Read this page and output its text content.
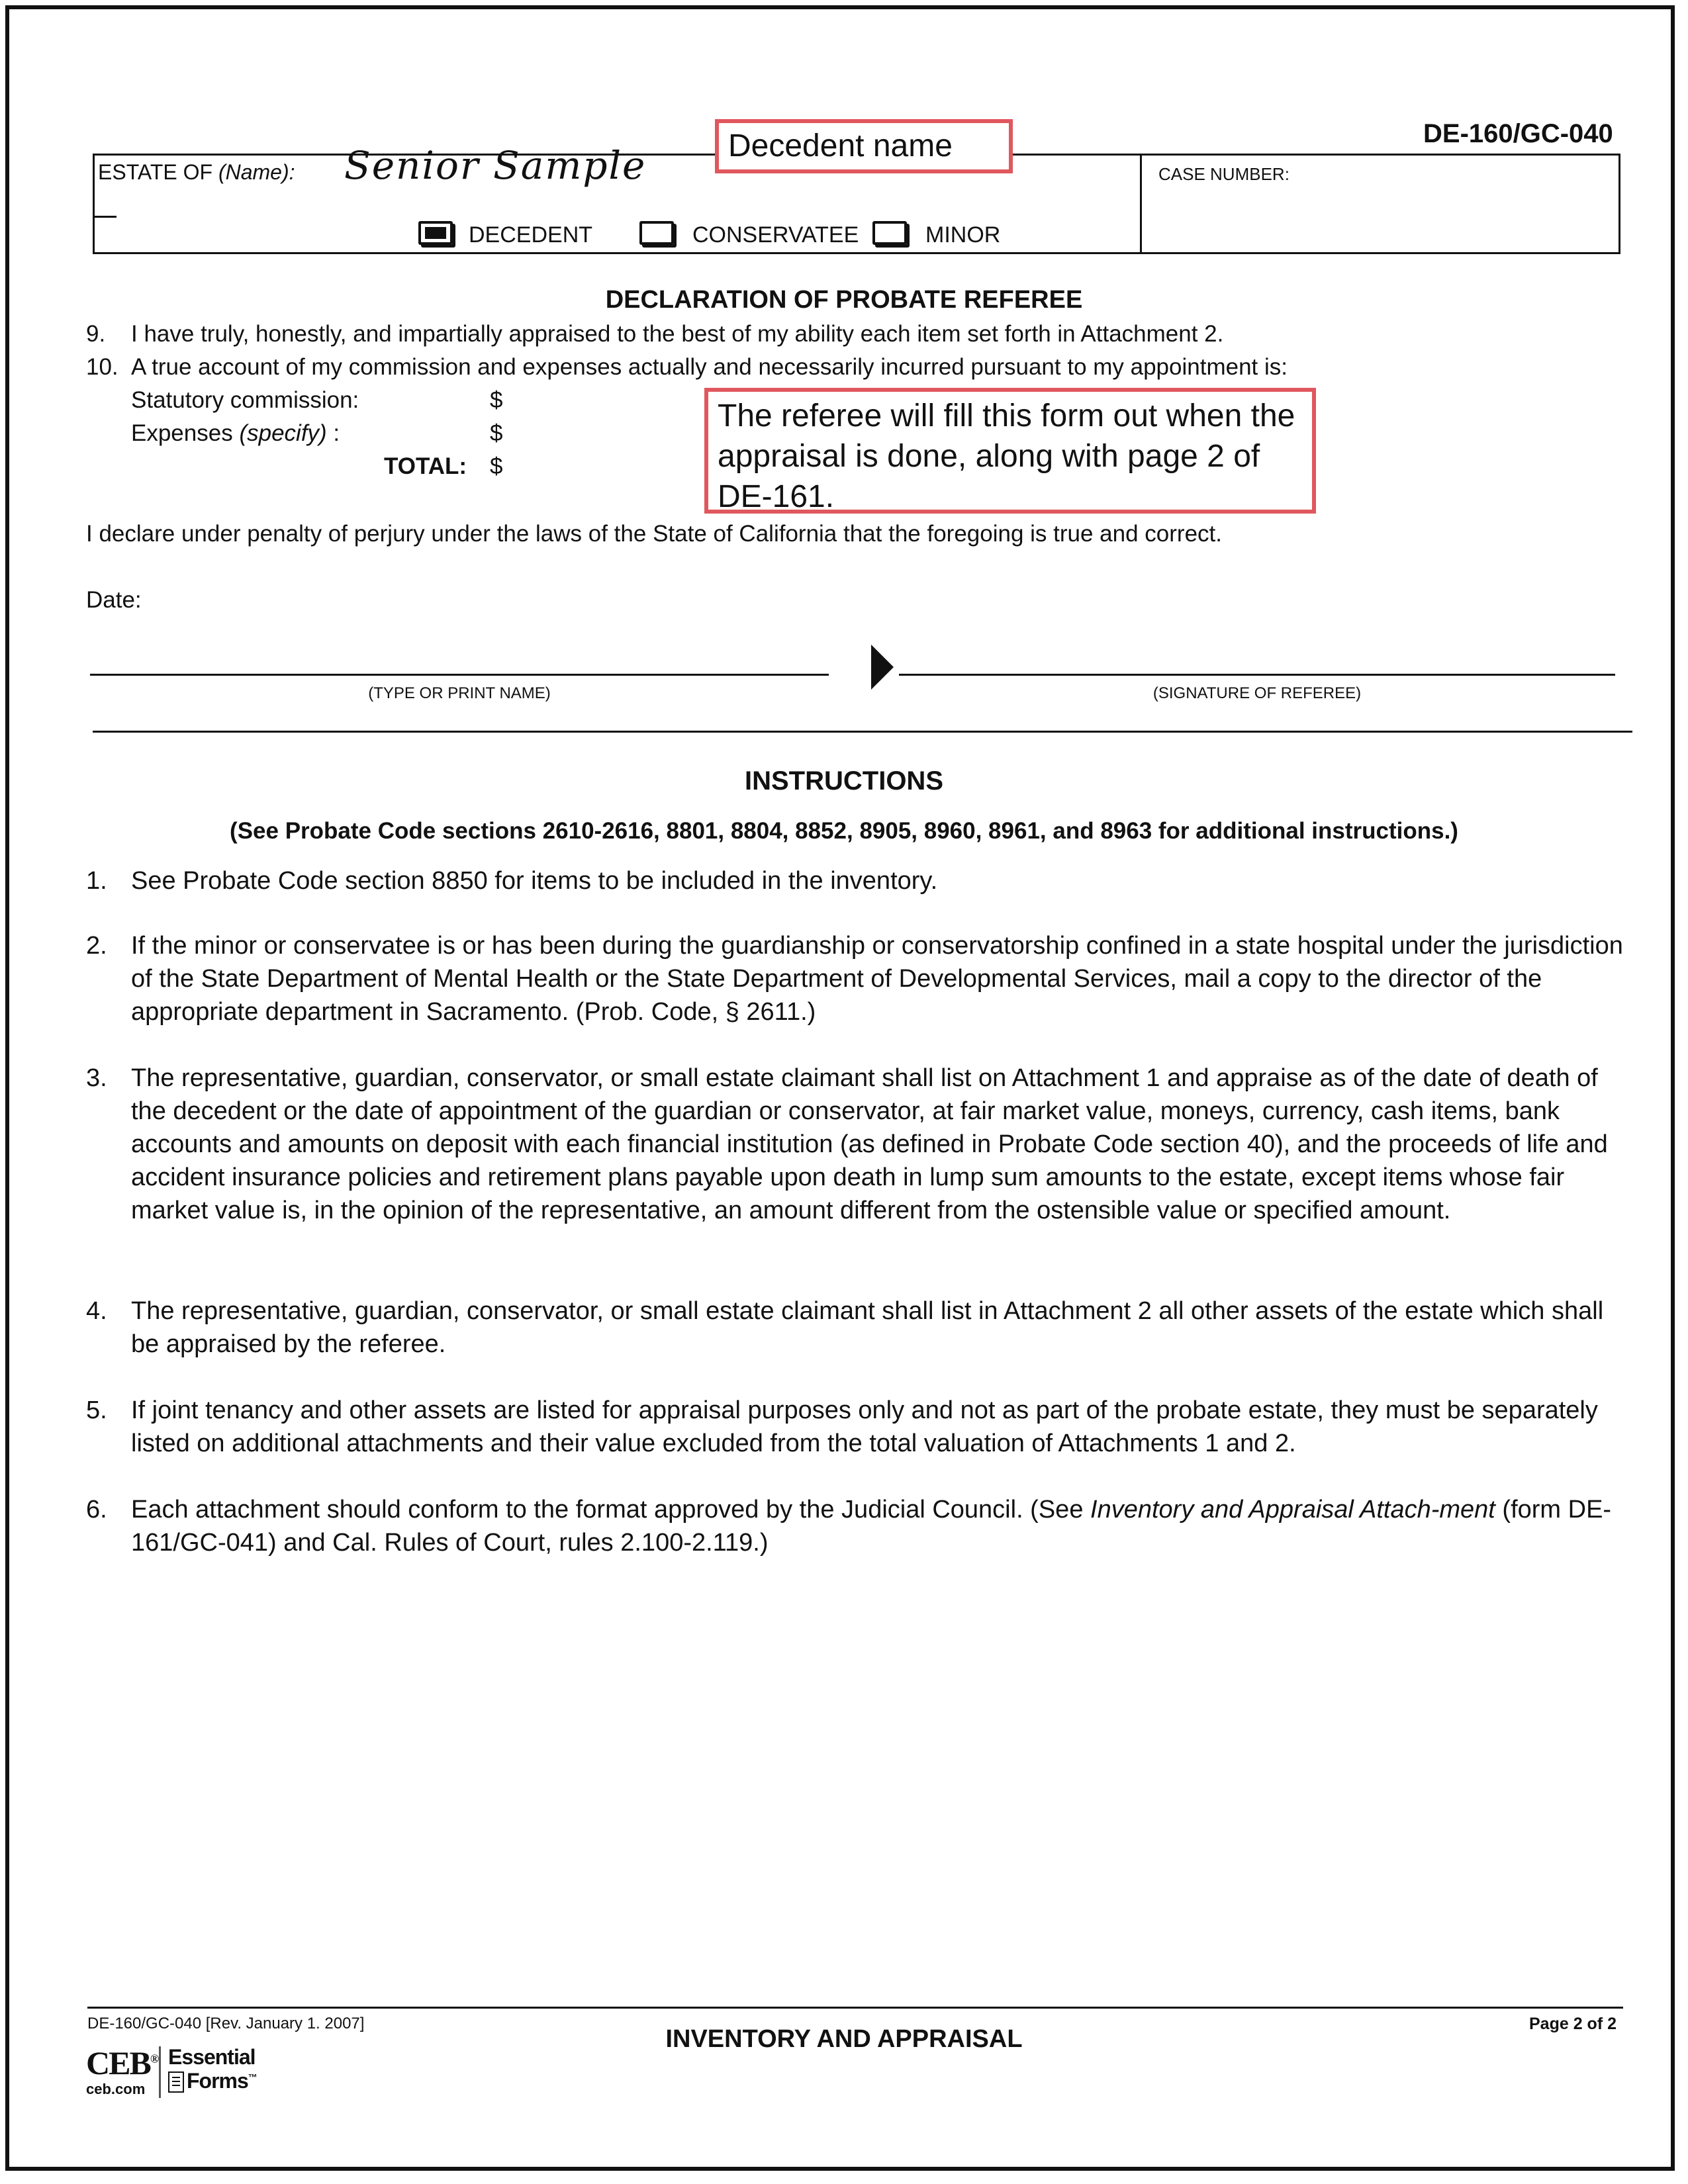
DE-160/GC-040
ESTATE OF (Name): Senior Sample	CASE NUMBER:
DECEDENT	CONSERVATEE	MINOR
Decedent name
DECLARATION OF PROBATE REFEREE
9. I have truly, honestly, and impartially appraised to the best of my ability each item set forth in Attachment 2.
10. A true account of my commission and expenses actually and necessarily incurred pursuant to my appointment is:
Statutory commission:	$
Expenses (specify) :	$
TOTAL: $
The referee will fill this form out when the appraisal is done, along with page 2 of DE-161.
I declare under penalty of perjury under the laws of the State of California that the foregoing is true and correct.
Date:
(TYPE OR PRINT NAME)	(SIGNATURE OF REFEREE)
INSTRUCTIONS
(See Probate Code sections 2610-2616, 8801, 8804, 8852, 8905, 8960, 8961, and 8963 for additional instructions.)
1. See Probate Code section 8850 for items to be included in the inventory.
2. If the minor or conservatee is or has been during the guardianship or conservatorship confined in a state hospital under the jurisdiction of the State Department of Mental Health or the State Department of Developmental Services, mail a copy to the director of the appropriate department in Sacramento. (Prob. Code, § 2611.)
3. The representative, guardian, conservator, or small estate claimant shall list on Attachment 1 and appraise as of the date of death of the decedent or the date of appointment of the guardian or conservator, at fair market value, moneys, currency, cash items, bank accounts and amounts on deposit with each financial institution (as defined in Probate Code section 40), and the proceeds of life and accident insurance policies and retirement plans payable upon death in lump sum amounts to the estate, except items whose fair market value is, in the opinion of the representative, an amount different from the ostensible value or specified amount.
4. The representative, guardian, conservator, or small estate claimant shall list in Attachment 2 all other assets of the estate which shall be appraised by the referee.
5. If joint tenancy and other assets are listed for appraisal purposes only and not as part of the probate estate, they must be separately listed on additional attachments and their value excluded from the total valuation of Attachments 1 and 2.
6. Each attachment should conform to the format approved by the Judicial Council. (See Inventory and Appraisal Attach-ment (form DE-161/GC-041) and Cal. Rules of Court, rules 2.100-2.119.)
DE-160/GC-040 [Rev. January 1. 2007]
INVENTORY AND APPRAISAL
Page 2 of 2
CEB®
ceb.com
Essential
Forms™
